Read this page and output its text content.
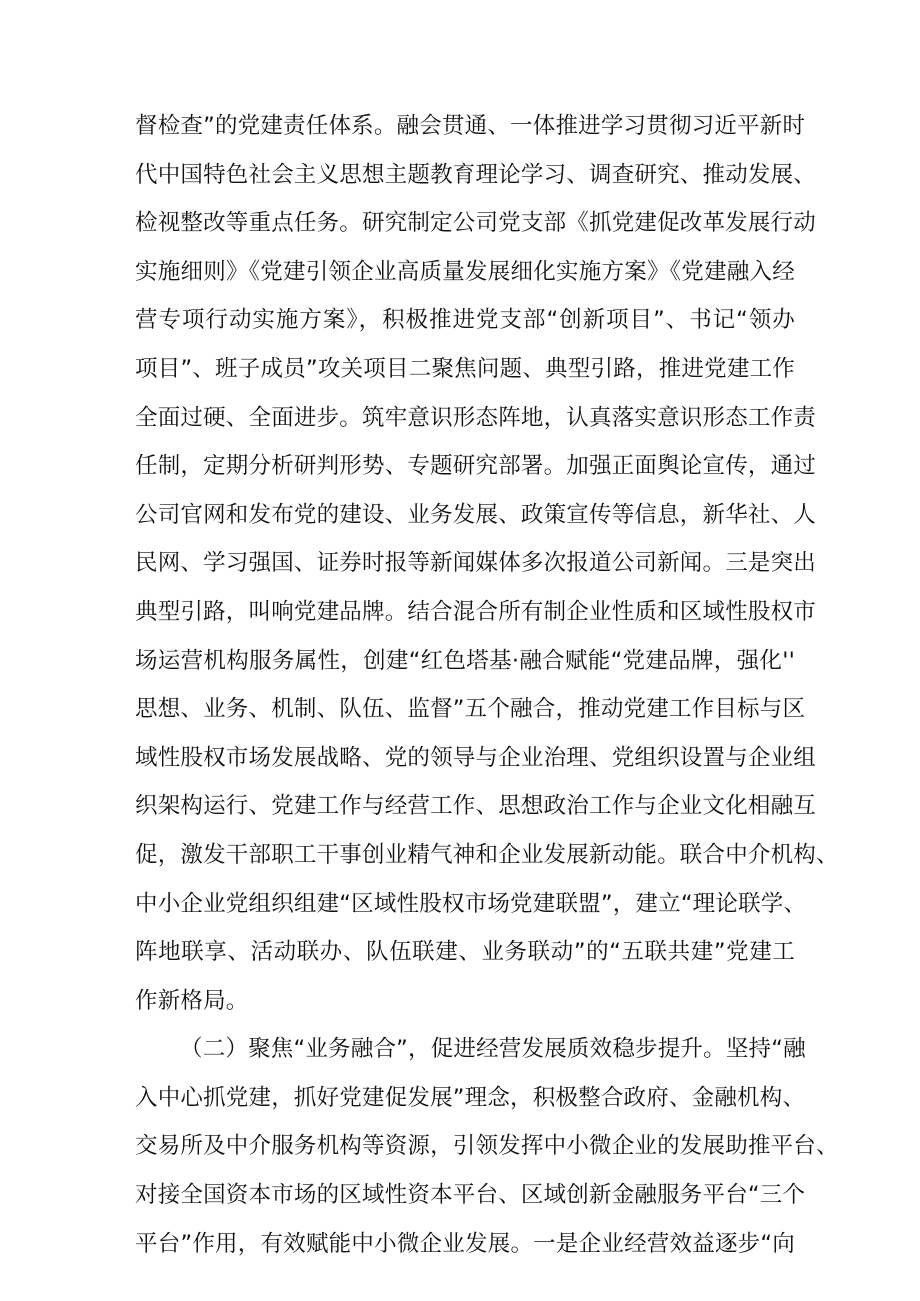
督检查”的党建责任体系。融会贯通、一体推进学习贯彻习近平新时
代中国特色社会主义思想主题教育理论学习、调查研究、推动发展、
检视整改等重点任务。研究制定公司党支部《抓党建促改革发展行动
实施细则》《党建引领企业高质量发展细化实施方案》《党建融入经
营专项行动实施方案》，积极推进党支部“创新项目”、书记“领办
项目”、班子成员”攻关项目二聚焦问题、典型引路，推进党建工作
全面过硬、全面进步。筑牢意识形态阵地，认真落实意识形态工作责
任制，定期分析研判形势、专题研究部署。加强正面舆论宣传，通过
公司官网和发布党的建设、业务发展、政策宣传等信息，新华社、人
民网、学习强国、证券时报等新闻媒体多次报道公司新闻。三是突出
典型引路，叫响党建品牌。结合混合所有制企业性质和区域性股权市
场运营机构服务属性，创建“红色塔基·融合赋能“党建品牌，强化''
思想、业务、机制、队伍、监督”五个融合，推动党建工作目标与区
域性股权市场发展战略、党的领导与企业治理、党组织设置与企业组
织架构运行、党建工作与经营工作、思想政治工作与企业文化相融互
促，激发干部职工干事创业精气神和企业发展新动能。联合中介机构、
中小企业党组织组建“区域性股权市场党建联盟”，建立“理论联学、
阵地联享、活动联办、队伍联建、业务联动”的“五联共建”党建工
作新格局。
（二）聚焦“业务融合”，促进经营发展质效稳步提升。坚持“融
入中心抓党建，抓好党建促发展”理念，积极整合政府、金融机构、
交易所及中介服务机构等资源，引领发挥中小微企业的发展助推平台、
对接全国资本市场的区域性资本平台、区域创新金融服务平台“三个
平台”作用，有效赋能中小微企业发展。一是企业经营效益逐步“向
